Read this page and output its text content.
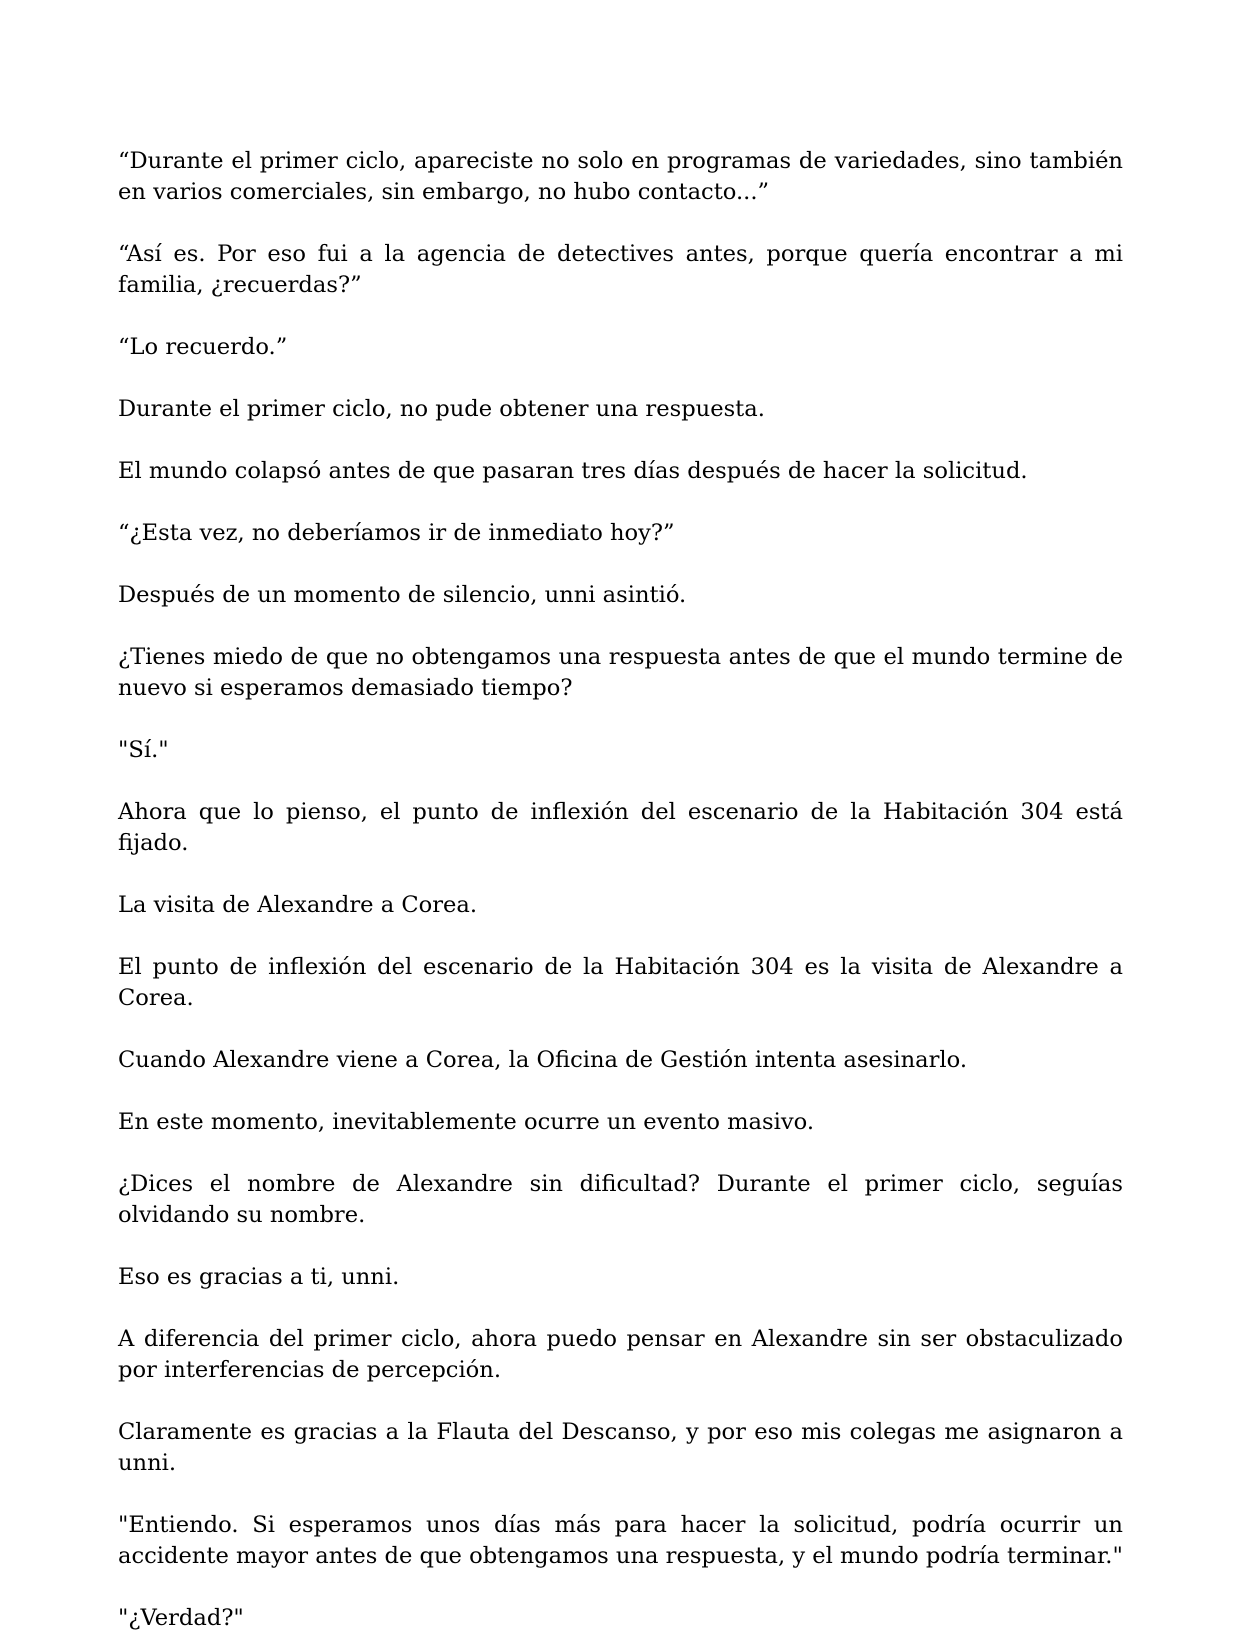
“Durante el primer ciclo, apareciste no solo en programas de variedades, sino también en varios comerciales, sin embargo, no hubo contacto...”

“Así es. Por eso fui a la agencia de detectives antes, porque quería encontrar a mi familia, ¿recuerdas?”

“Lo recuerdo.”

Durante el primer ciclo, no pude obtener una respuesta.

El mundo colapsó antes de que pasaran tres días después de hacer la solicitud.

“¿Esta vez, no deberíamos ir de inmediato hoy?”

Después de un momento de silencio, unni asintió.

¿Tienes miedo de que no obtengamos una respuesta antes de que el mundo termine de nuevo si esperamos demasiado tiempo?

"Sí."

Ahora que lo pienso, el punto de inflexión del escenario de la Habitación 304 está fijado.

La visita de Alexandre a Corea.

El punto de inflexión del escenario de la Habitación 304 es la visita de Alexandre a Corea.

Cuando Alexandre viene a Corea, la Oficina de Gestión intenta asesinarlo.

En este momento, inevitablemente ocurre un evento masivo.

¿Dices el nombre de Alexandre sin dificultad? Durante el primer ciclo, seguías olvidando su nombre.

Eso es gracias a ti, unni.

A diferencia del primer ciclo, ahora puedo pensar en Alexandre sin ser obstaculizado por interferencias de percepción.

Claramente es gracias a la Flauta del Descanso, y por eso mis colegas me asignaron a unni.

"Entiendo. Si esperamos unos días más para hacer la solicitud, podría ocurrir un accidente mayor antes de que obtengamos una respuesta, y el mundo podría terminar."

"¿Verdad?"
